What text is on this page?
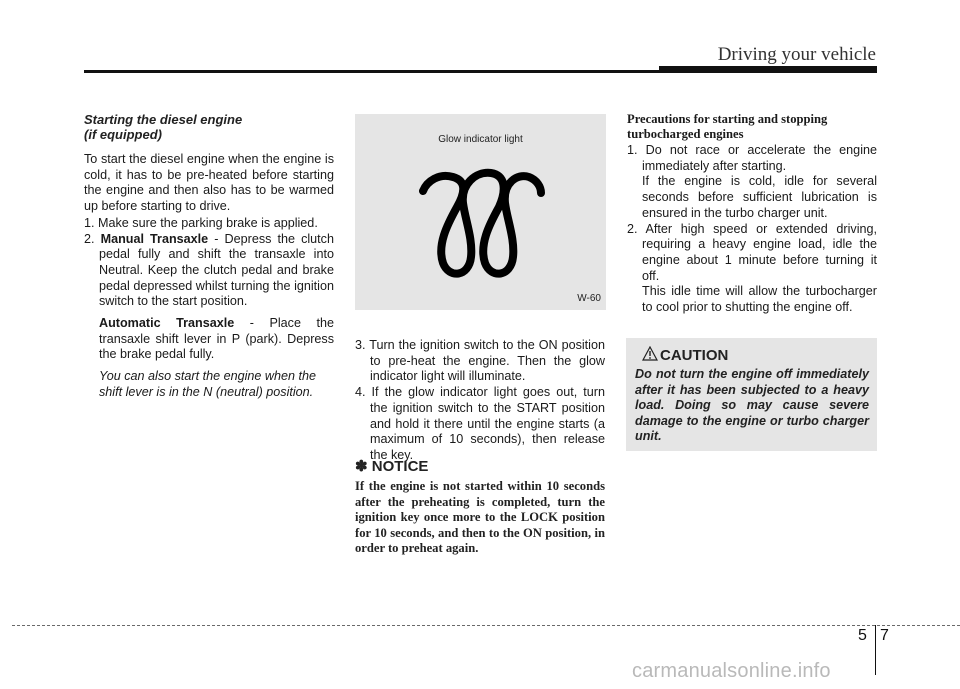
Driving your vehicle
Starting the diesel engine
(if equipped)

To start the diesel engine when the engine is cold, it has to be pre-heated before starting the engine and then also has to be warmed up before starting to drive.

1. Make sure the parking brake is applied.

2. Manual Transaxle - Depress the clutch pedal fully and shift the transaxle into Neutral. Keep the clutch pedal and brake pedal depressed whilst turning the ignition switch to the start position.

Automatic Transaxle - Place the transaxle shift lever in P (park). Depress the brake pedal fully.

You can also start the engine when the shift lever is in the N (neutral) position.

Glow indicator light
W-60

3. Turn the ignition switch to the ON position to pre-heat the engine. Then the glow indicator light will illuminate.

4. If the glow indicator light goes out, turn the ignition switch to the START position and hold it there until the engine starts (a maximum of 10 seconds), then release the key.

✽ NOTICE
If the engine is not started within 10 seconds after the preheating is completed, turn the ignition key once more to the LOCK position for 10 seconds, and then to the ON position, in order to preheat again.

Precautions for starting and stopping turbocharged engines

1. Do not race or accelerate the engine immediately after starting.

If the engine is cold, idle for several seconds before sufficient lubrication is ensured in the turbo charger unit.

2. After high speed or extended driving, requiring a heavy engine load, idle the engine about 1 minute before turning it off.

This idle time will allow the turbocharger to cool prior to shutting the engine off.

CAUTION
Do not turn the engine off immediately after it has been subjected to a heavy load. Doing so may cause severe damage to the engine or turbo charger unit.
5 7
carmanualsonline.info
